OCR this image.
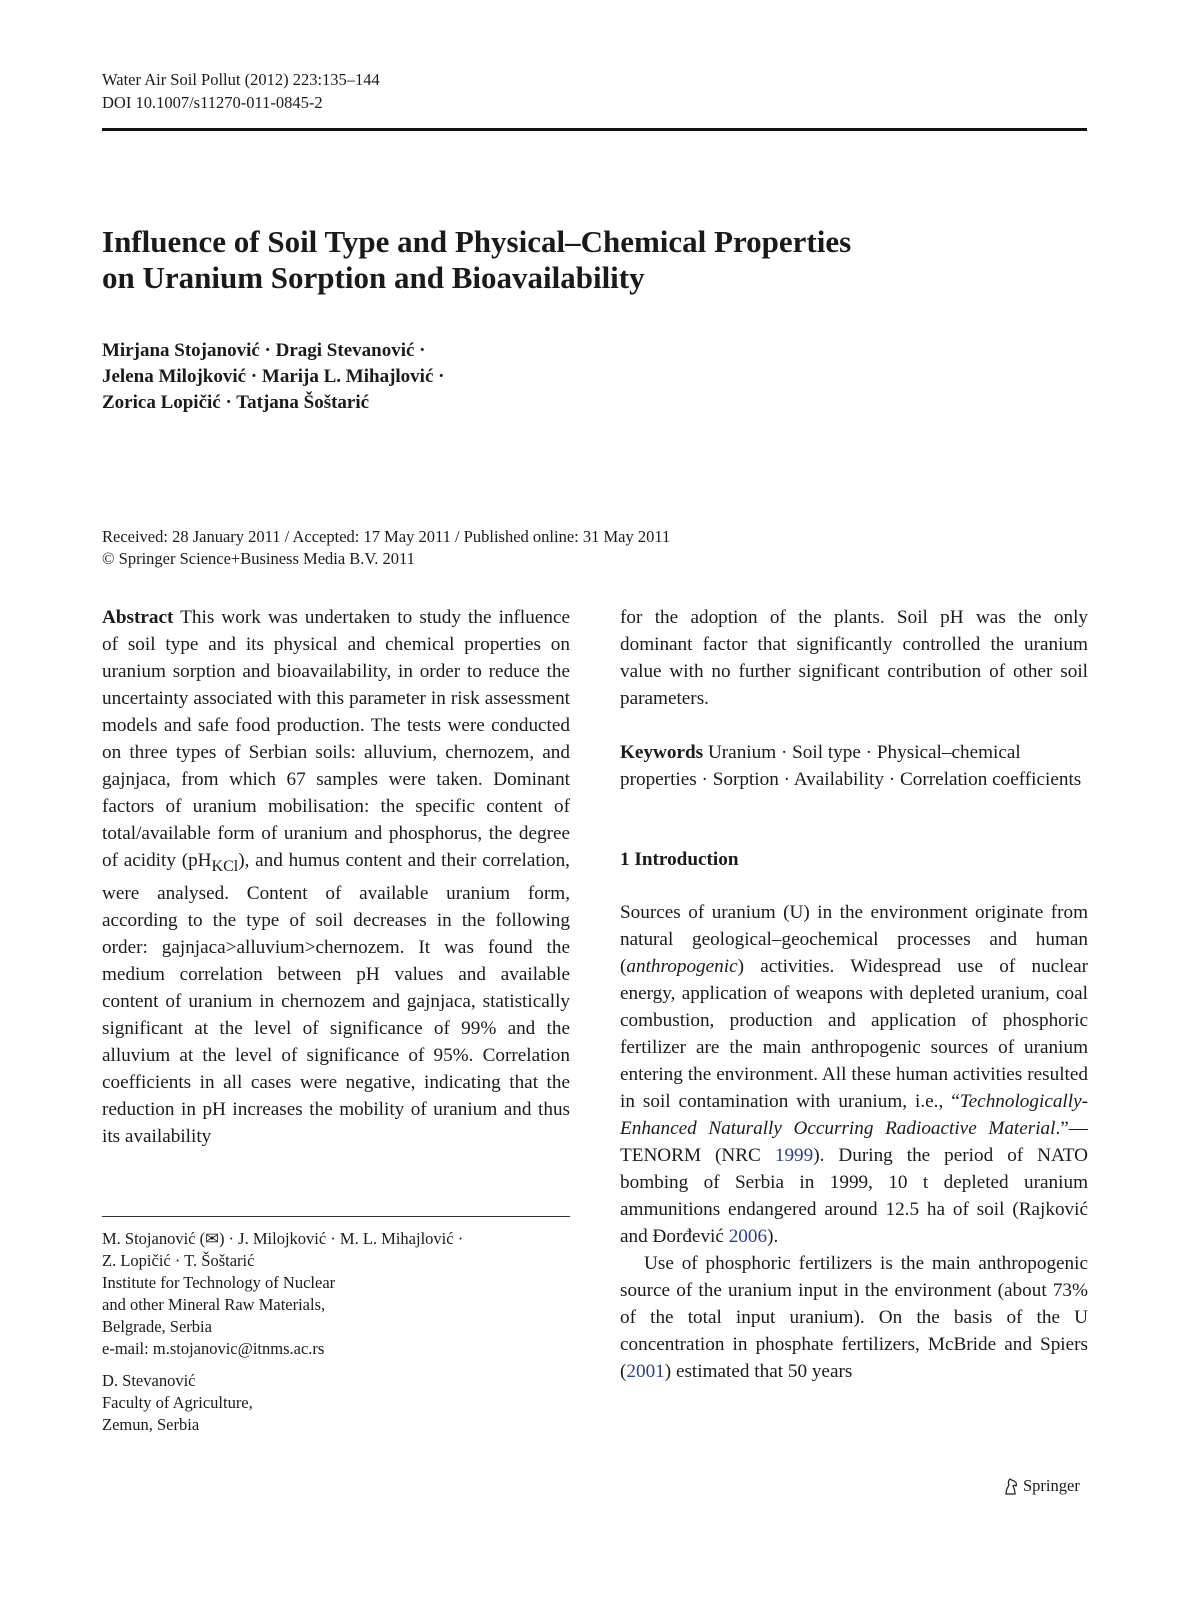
Water Air Soil Pollut (2012) 223:135–144
DOI 10.1007/s11270-011-0845-2
Influence of Soil Type and Physical–Chemical Properties
on Uranium Sorption and Bioavailability
Mirjana Stojanović · Dragi Stevanović ·
Jelena Milojković · Marija L. Mihajlović ·
Zorica Lopičić · Tatjana Šoštarić
Received: 28 January 2011 / Accepted: 17 May 2011 / Published online: 31 May 2011
© Springer Science+Business Media B.V. 2011

Abstract This work was undertaken to study the influence of soil type and its physical and chemical properties on uranium sorption and bioavailability, in order to reduce the uncertainty associated with this parameter in risk assessment models and safe food production. The tests were conducted on three types of Serbian soils: alluvium, chernozem, and gajnjaca, from which 67 samples were taken. Dominant factors of uranium mobilisation: the specific content of total/available form of uranium and phosphorus, the degree of acidity $(pH_{KCl})$, and humus content and their correlation, were analysed. Content of available uranium form, according to the type of soil decreases in the following order: gajnjaca>alluvium>chernozem. It was found the medium correlation between pH values and available content of uranium in chernozem and gajnjaca, statistically significant at the level of significance of 99% and the alluvium at the level of significance of 95%. Correlation coefficients in all cases were negative, indicating that the reduction in pH increases the mobility of uranium and thus its availability

M. Stojanović (✉) · J. Milojković · M. L. Mihajlović ·

Z. Lopičić · T. Šoštarić

Institute for Technology of Nuclear

and other Mineral Raw Materials,

Belgrade, Serbia

e-mail: m.stojanovic@itnms.ac.rs

D. Stevanović

Faculty of Agriculture,

Zemun, Serbia

for the adoption of the plants. Soil pH was the only dominant factor that significantly controlled the uranium value with no further significant contribution of other soil parameters.

Keywords Uranium · Soil type · Physical–chemical properties · Sorption · Availability · Correlation coefficients

1 Introduction

Sources of uranium (U) in the environment originate from natural geological–geochemical processes and human (anthropogenic) activities. Widespread use of nuclear energy, application of weapons with depleted uranium, coal combustion, production and application of phosphoric fertilizer are the main anthropogenic sources of uranium entering the environment. All these human activities resulted in soil contamination with uranium, i.e., “Technologically-Enhanced Naturally Occurring Radioactive Material.”—TENORM (NRC 1999). During the period of NATO bombing of Serbia in 1999, 10 t depleted uranium ammunitions endangered around 12.5 ha of soil (Rajković and Đorđević 2006).

Use of phosphoric fertilizers is the main anthropogenic source of the uranium input in the environment (about 73% of the total input uranium). On the basis of the U concentration in phosphate fertilizers, McBride and Spiers (2001) estimated that 50 years

Springer
